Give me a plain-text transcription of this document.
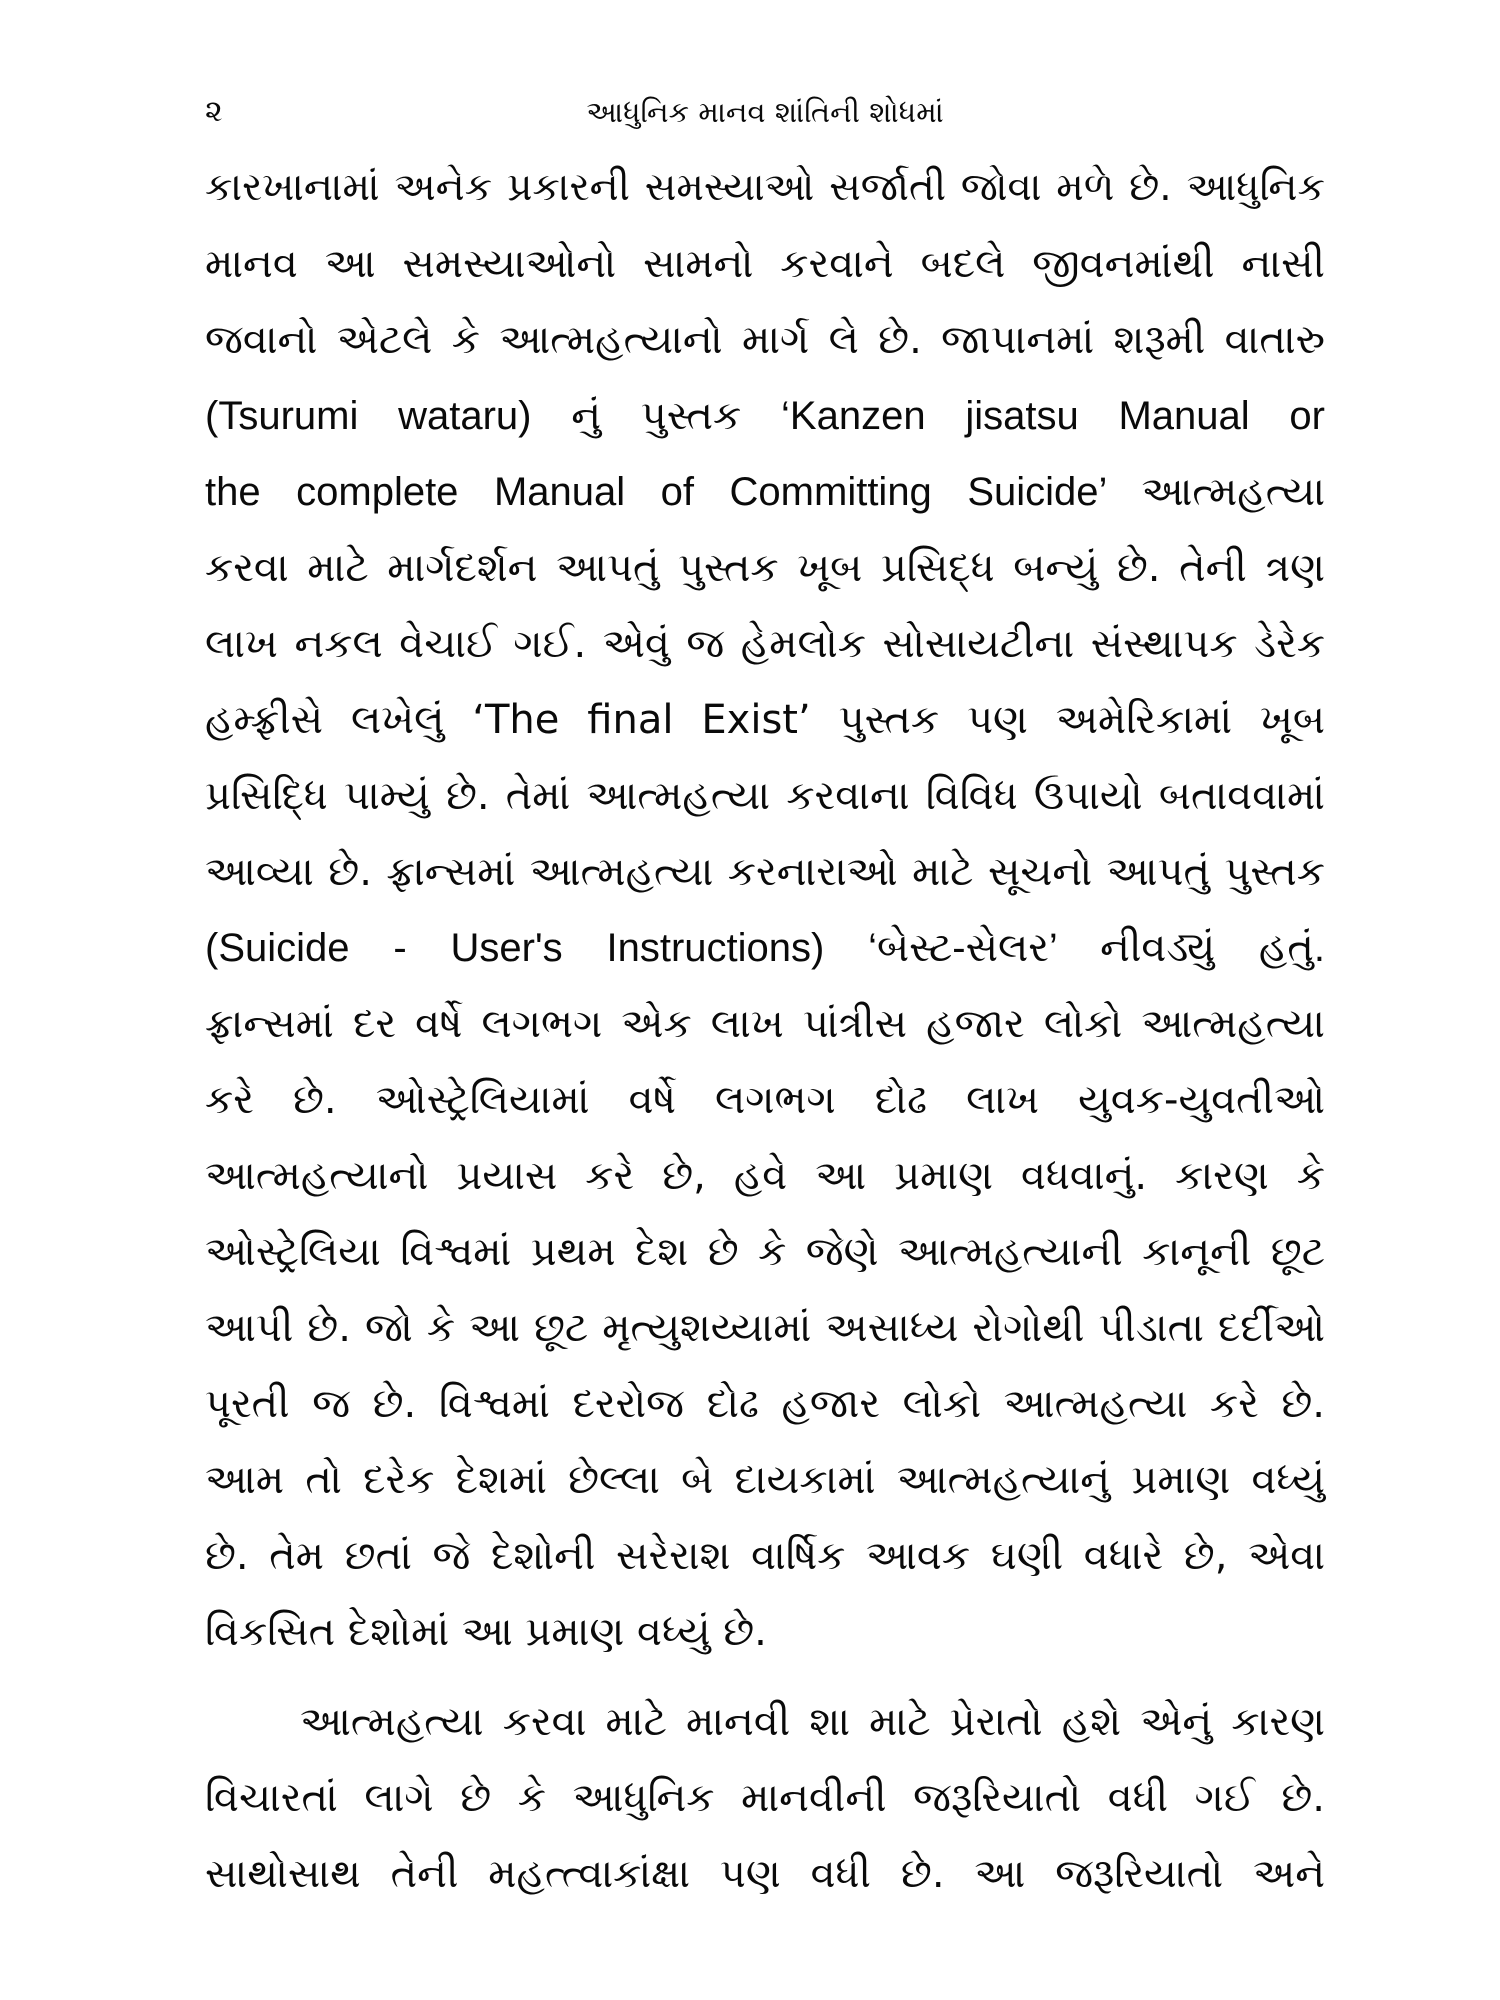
૨	આધુનિક માનવ શાંતિની શોધમાં
કારખાનામાં અનેક પ્રકારની સમસ્યાઓ સર્જાતી જોવા મળે છે. આધુનિક
માનવ આ સમસ્યાઓનો સામનો કરવાને બદલે જીવનમાંથી નાસી
જવાનો એટલે કે આત્મહત્યાનો માર્ગ લે છે. જાપાનમાં શરૂમી વાતારુ
(Tsurumi wataru) નું પુસ્તક ‘Kanzen jisatsu Manual or
the complete Manual of Committing Suicide’ આત્મહત્યા
કરવા માટે માર્ગદર્શન આપતું પુસ્તક ખૂબ પ્રસિદ્ધ બન્યું છે. તેની ત્રણ
લાખ નકલ વેચાઈ ગઈ. એવું જ હેમલોક સોસાયટીના સંસ્થાપક ડેરેક
હમ્ફ્રીસે લખેલું ‘The final Exist’ પુસ્તક પણ અમેરિકામાં ખૂબ
પ્રસિદ્ધિ પામ્યું છે. તેમાં આત્મહત્યા કરવાના વિવિધ ઉપાયો બતાવવામાં
આવ્યા છે. ફ્રાન્સમાં આત્મહત્યા કરનારાઓ માટે સૂચનો આપતું પુસ્તક
(Suicide - User's Instructions) ‘બેસ્ટ-સેલર’ નીવડ્યું હતું.
ફ્રાન્સમાં દર વર્ષે લગભગ એક લાખ પાંત્રીસ હજાર લોકો આત્મહત્યા
કરે છે. ઓસ્ટ્રેલિયામાં વર્ષે લગભગ દોઢ લાખ યુવક-યુવતીઓ
આત્મહત્યાનો પ્રયાસ કરે છે, હવે આ પ્રમાણ વધવાનું. કારણ કે
ઓસ્ટ્રેલિયા વિશ્વમાં પ્રથમ દેશ છે કે જેણે આત્મહત્યાની કાનૂની છૂટ
આપી છે. જો કે આ છૂટ મૃત્યુશય્યામાં અસાધ્ય રોગોથી પીડાતા દર્દીઓ
પૂરતી જ છે. વિશ્વમાં દરરોજ દોઢ હજાર લોકો આત્મહત્યા કરે છે.
આમ તો દરેક દેશમાં છેલ્લા બે દાયકામાં આત્મહત્યાનું પ્રમાણ વધ્યું
છે. તેમ છતાં જે દેશોની સરેરાશ વાર્ષિક આવક ઘણી વધારે છે, એવા
વિકસિત દેશોમાં આ પ્રમાણ વધ્યું છે.
આત્મહત્યા કરવા માટે માનવી શા માટે પ્રેરાતો હશે એનું કારણ
વિચારતાં લાગે છે કે આધુનિક માનવીની જરૂરિયાતો વધી ગઈ છે.
સાથોસાથ તેની મહત્ત્વાકાંક્ષા પણ વધી છે. આ જરૂરિયાતો અને
